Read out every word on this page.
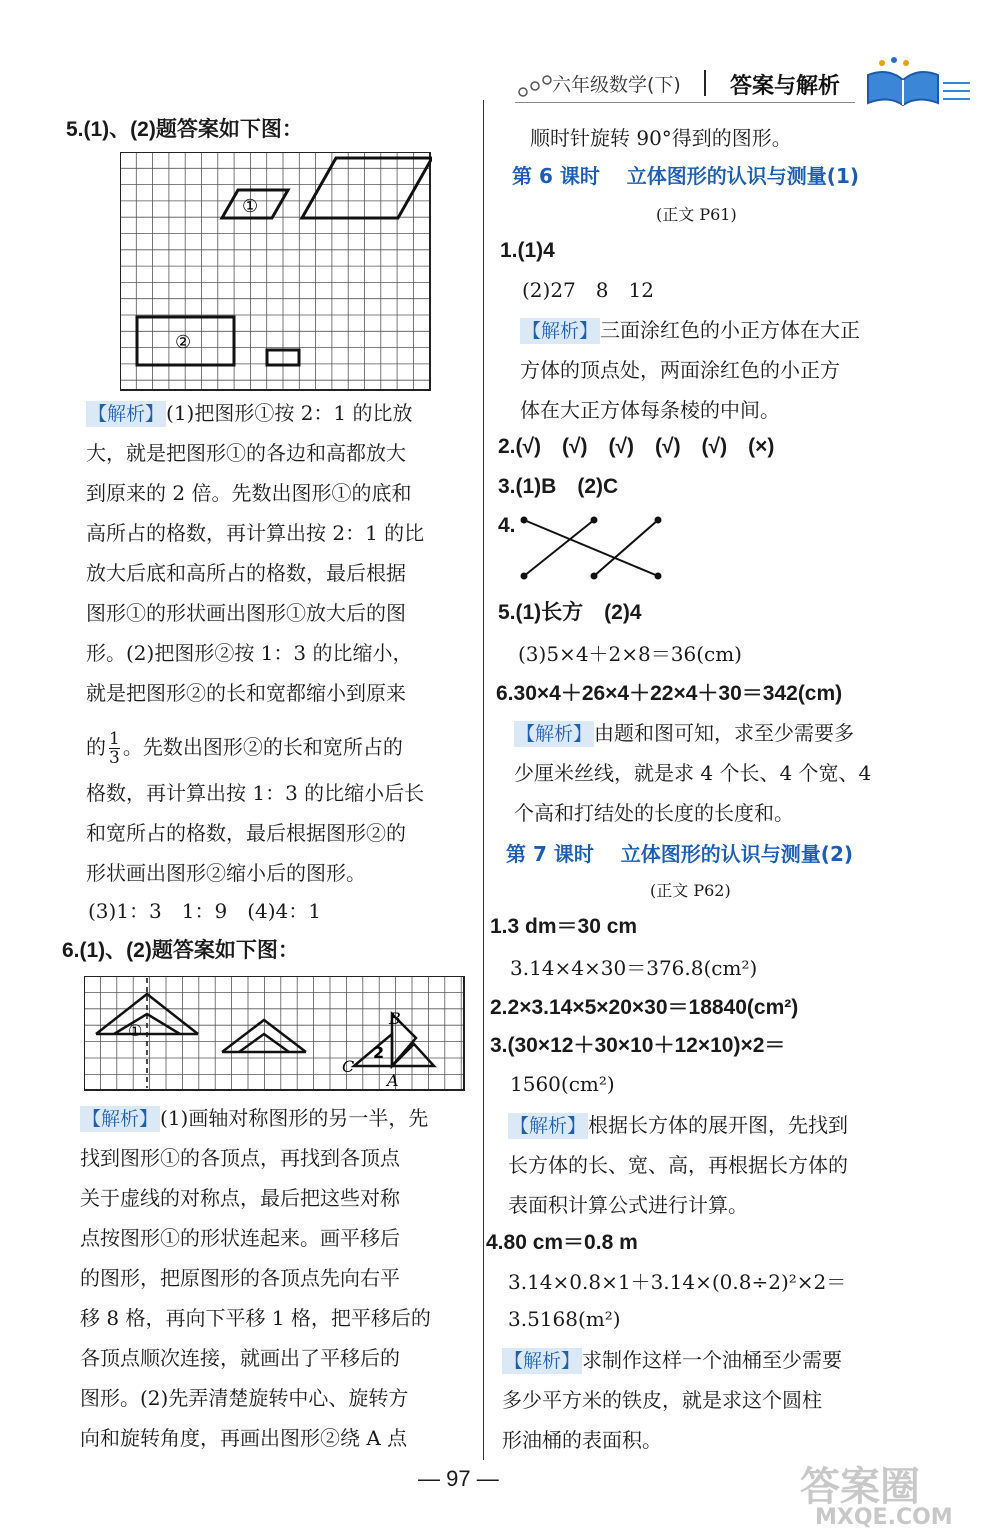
六年级数学(下) 答案与解析
5.(1)、(2)题答案如下图：
①
②
【解析】 (1)把图形①按 2：1 的比放
大，就是把图形①的各边和高都放大
到原来的 2 倍。先数出图形①的底和
高所占的格数，再计算出按 2：1 的比
放大后底和高所占的格数，最后根据
图形①的形状画出图形①放大后的图
形。(2)把图形②按 1：3 的比缩小，
就是把图形②的长和宽都缩小到原来
的 $\frac{1}{3}$ 。先数出图形②的长和宽所占的
格数，再计算出按 1：3 的比缩小后长
和宽所占的格数，最后根据图形②的
形状画出图形②缩小后的图形。
(3)1：3　1：9　(4)4：1
6.(1)、(2)题答案如下图：
①
2
A
B
C
【解析】 (1)画轴对称图形的另一半，先
找到图形①的各顶点，再找到各顶点
关于虚线的对称点，最后把这些对称
点按图形①的形状连起来。画平移后
的图形，把原图形的各顶点先向右平
移 8 格，再向下平移 1 格，把平移后的
各顶点顺次连接，就画出了平移后的
图形。(2)先弄清楚旋转中心、旋转方
向和旋转角度，再画出图形②绕 A 点
顺时针旋转 90°得到的图形。
第 6 课时　 立体图形的认识与测量(1)
(正文 P61)
1.(1)4
(2)27　8　12
【解析】 三面涂红色的小正方体在大正
方体的顶点处，两面涂红色的小正方
体在大正方体每条棱的中间。
2.(√)　(√)　(√)　(√)　(√)　(×)
3.(1)B　(2)C
4.
5.(1)长方　(2)4
(3)5×4＋2×8＝36(cm)
6.30×4＋26×4＋22×4＋30＝342(cm)
【解析】 由题和图可知，求至少需要多
少厘米丝线，就是求 4 个长、4 个宽、4
个高和打结处的长度的长度和。
第 7 课时　 立体图形的认识与测量(2)
(正文 P62)
1.3 dm＝30 cm
3.14×4×30＝376.8(cm²)
2.2×3.14×5×20×30＝18840(cm²)
3.(30×12＋30×10＋12×10)×2＝
1560(cm²)
【解析】 根据长方体的展开图，先找到
长方体的长、宽、高，再根据长方体的
表面积计算公式进行计算。
4.80 cm＝0.8 m
3.14×0.8×1＋3.14×(0.8÷2)²×2＝
3.5168(m²)
【解析】 求制作这样一个油桶至少需要
多少平方米的铁皮，就是求这个圆柱
形油桶的表面积。
— 97 —	答案圈
MXQE.COM
